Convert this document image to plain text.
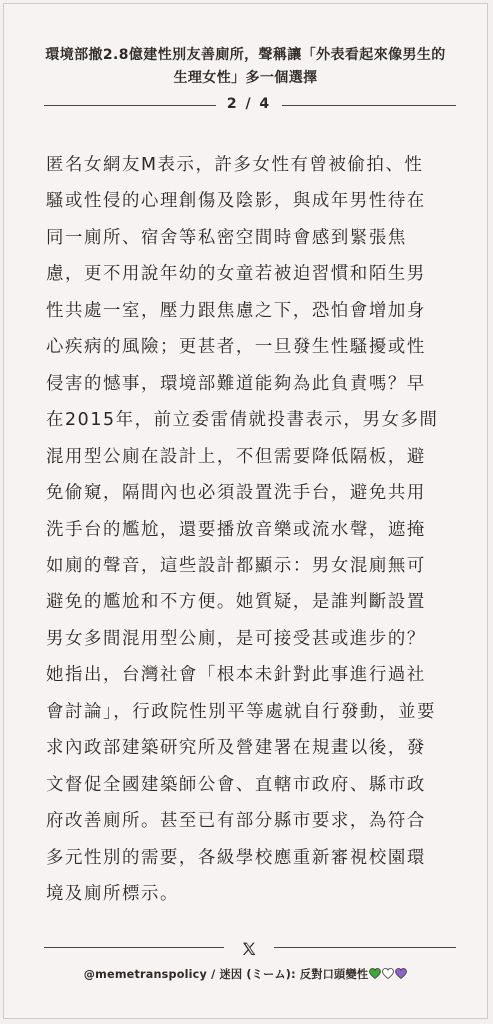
環境部撤2.8億建性別友善廁所，聲稱讓「外表看起來像男生的
生理女性」多一個選擇
2 / 4
匿名女網友M表示，許多女性有曾被偷拍、性
騷或性侵的心理創傷及陰影，與成年男性待在
同一廁所、宿舍等私密空間時會感到緊張焦
慮，更不用說年幼的女童若被迫習慣和陌生男
性共處一室，壓力跟焦慮之下，恐怕會增加身
心疾病的風險；更甚者，一旦發生性騷擾或性
侵害的憾事，環境部難道能夠為此負責嗎？早
在2015年，前立委雷倩就投書表示，男女多間
混用型公廁在設計上，不但需要降低隔板，避
免偷窺，隔間內也必須設置洗手台，避免共用
洗手台的尷尬，還要播放音樂或流水聲，遮掩
如廁的聲音，這些設計都顯示：男女混廁無可
避免的尷尬和不方便。她質疑，是誰判斷設置
男女多間混用型公廁，是可接受甚或進步的？
她指出，台灣社會「根本未針對此事進行過社
會討論」，行政院性別平等處就自行發動，並要
求內政部建築研究所及營建署在規畫以後，發
文督促全國建築師公會、直轄市政府、縣市政
府改善廁所。甚至已有部分縣市要求，為符合
多元性別的需要，各級學校應重新審視校園環
境及廁所標示。
@memetranspolicy / 迷因 (ミーム): 反對口頭變性
